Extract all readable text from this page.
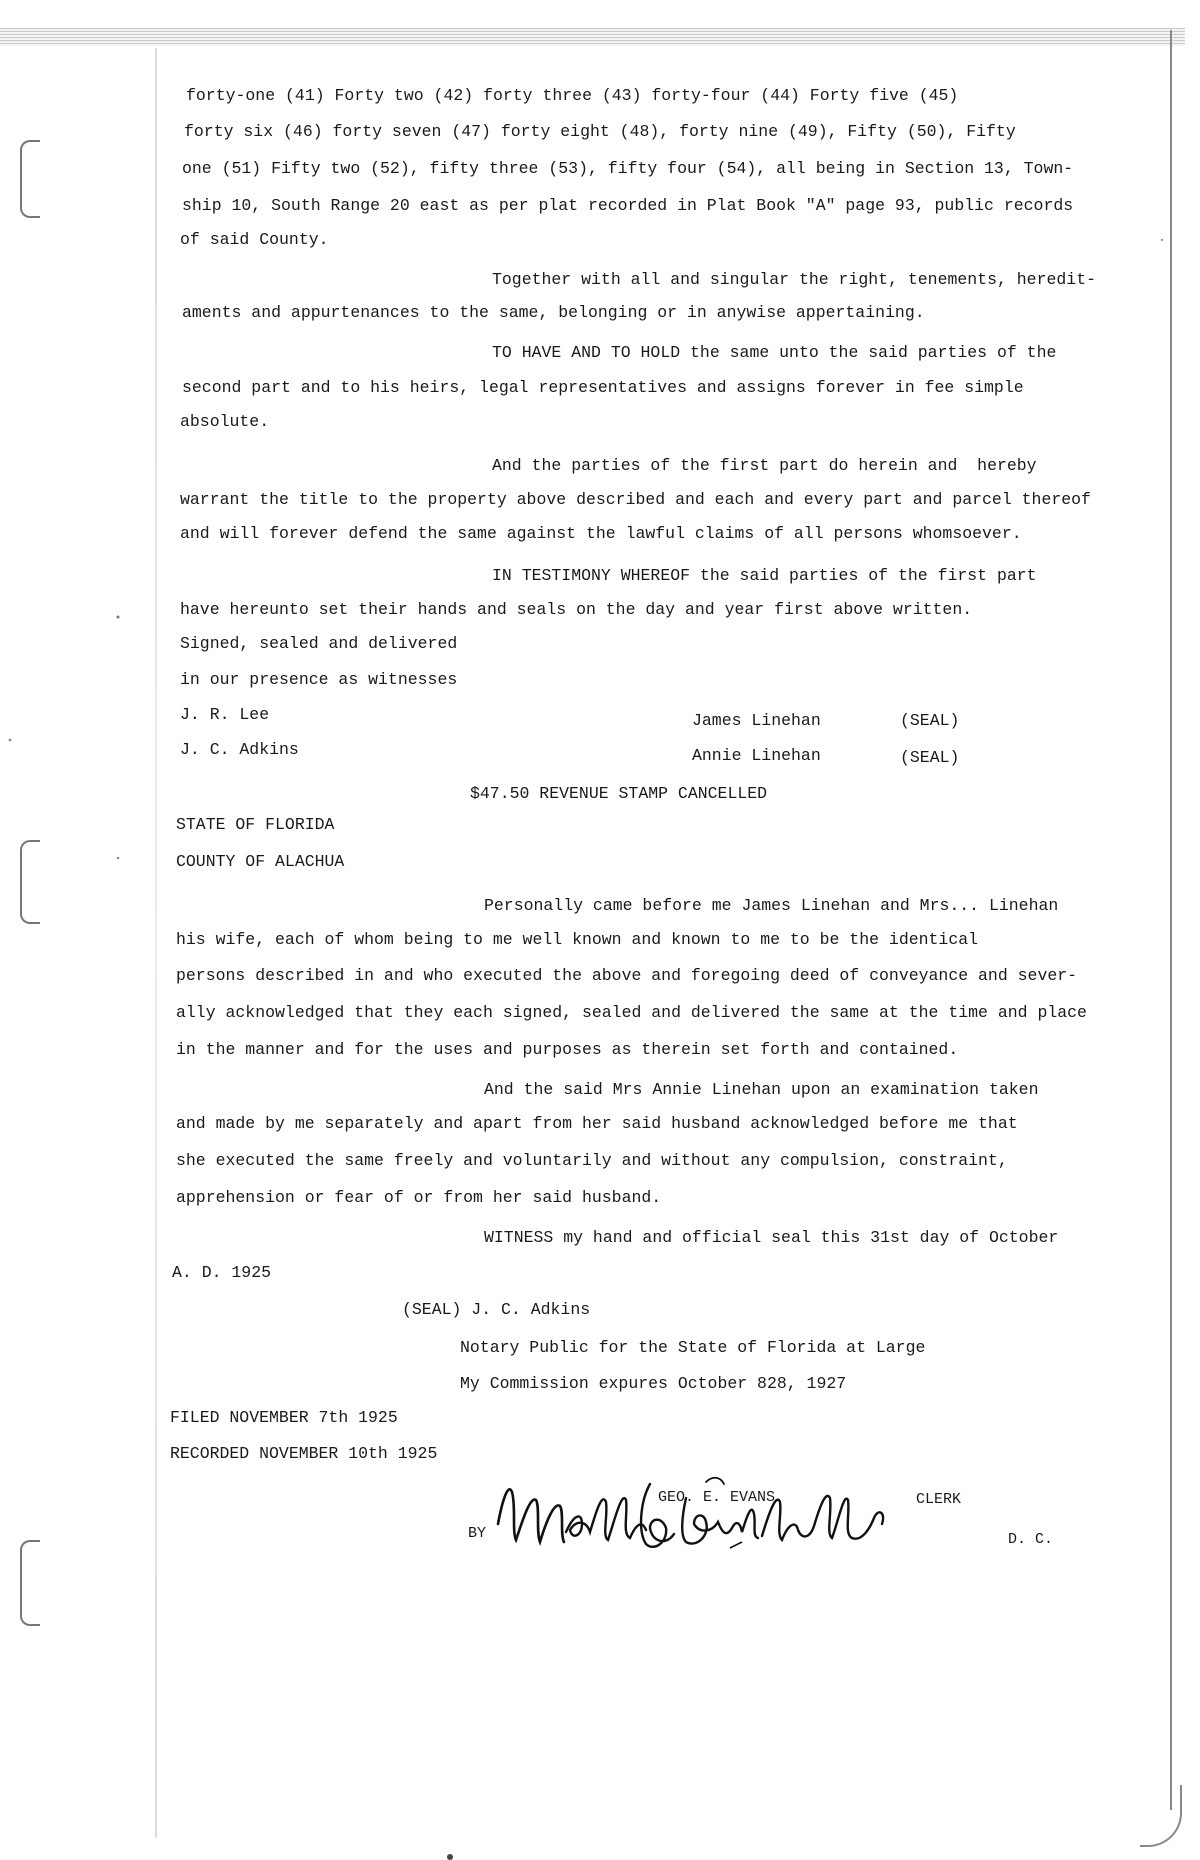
forty-one (41) Forty two (42) forty three (43) forty-four (44) Forty five (45)
forty six (46) forty seven (47) forty eight (48), forty nine (49), Fifty (50), Fifty
one (51) Fifty two (52), fifty three (53), fifty four (54), all being in Section 13, Town-
ship 10, South Range 20 east as per plat recorded in Plat Book "A" page 93, public records
of said County.
Together with all and singular the right, tenements, heredit-
aments and appurtenances to the same, belonging or in anywise appertaining.
TO HAVE AND TO HOLD the same unto the said parties of the
second part and to his heirs, legal representatives and assigns forever in fee simple
absolute.
And the parties of the first part do herein and  hereby
warrant the title to the property above described and each and every part and parcel thereof
and will forever defend the same against the lawful claims of all persons whomsoever.
IN TESTIMONY WHEREOF the said parties of the first part
have hereunto set their hands and seals on the day and year first above written.
Signed, sealed and delivered
in our presence as witnesses
J. R. Lee
J. C. Adkins
James Linehan
Annie Linehan
(SEAL)
(SEAL)
$47.50 REVENUE STAMP CANCELLED
STATE OF FLORIDA
COUNTY OF ALACHUA
Personally came before me James Linehan and Mrs... Linehan
his wife, each of whom being to me well known and known to me to be the identical
persons described in and who executed the above and foregoing deed of conveyance and sever-
ally acknowledged that they each signed, sealed and delivered the same at the time and place
in the manner and for the uses and purposes as therein set forth and contained.
And the said Mrs Annie Linehan upon an examination taken
and made by me separately and apart from her said husband acknowledged before me that
she executed the same freely and voluntarily and without any compulsion, constraint,
apprehension or fear of or from her said husband.
WITNESS my hand and official seal this 31st day of October
A. D. 1925
(SEAL) J. C. Adkins
Notary Public for the State of Florida at Large
My Commission expures October 828, 1927
FILED NOVEMBER 7th 1925
RECORDED NOVEMBER 10th 1925
GEO. E. EVANS	CLERK
BY	D. C.
